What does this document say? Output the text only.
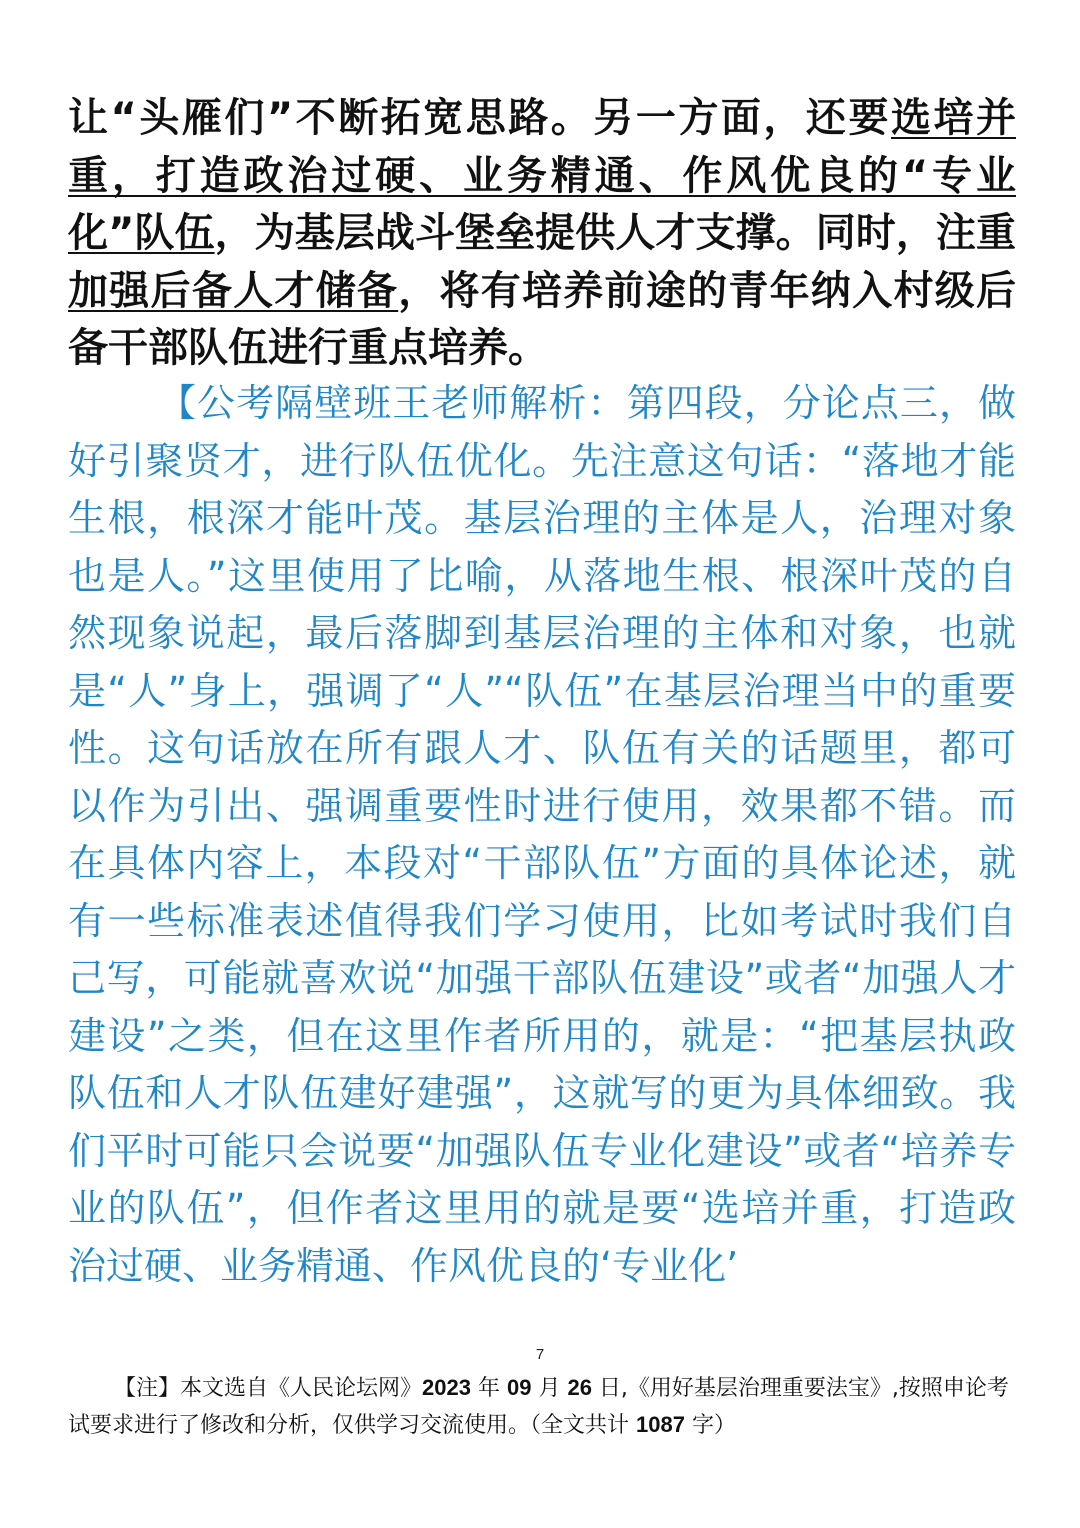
让“头雁们”不断拓宽思路。另一方面，还要选培并重，打造政治过硬、业务精通、作风优良的“专业化”队伍，为基层战斗堡垒提供人才支撑。同时，注重加强后备人才储备，将有培养前途的青年纳入村级后备干部队伍进行重点培养。
【公考隔壁班王老师解析：第四段，分论点三，做好引聚贤才，进行队伍优化。先注意这句话：“落地才能生根，根深才能叶茂。基层治理的主体是人，治理对象也是人。”这里使用了比喻，从落地生根、根深叶茂的自然现象说起，最后落脚到基层治理的主体和对象，也就是“人”身上，强调了“人”“队伍”在基层治理当中的重要性。这句话放在所有跟人才、队伍有关的话题里，都可以作为引出、强调重要性时进行使用，效果都不错。而在具体内容上，本段对“干部队伍”方面的具体论述，就有一些标准表述值得我们学习使用，比如考试时我们自己写，可能就喜欢说“加强干部队伍建设”或者“加强人才建设”之类，但在这里作者所用的，就是：“把基层执政队伍和人才队伍建好建强”，这就写的更为具体细致。我们平时可能只会说要“加强队伍专业化建设”或者“培养专业的队伍”，但作者这里用的就是要“选培并重，打造政治过硬、业务精通、作风优良的‘专业化’
7
【注】本文选自《人民论坛网》2023 年 09 月 26 日,《用好基层治理重要法宝》,按照申论考试要求进行了修改和分析，仅供学习交流使用。（全文共计 1087 字）
